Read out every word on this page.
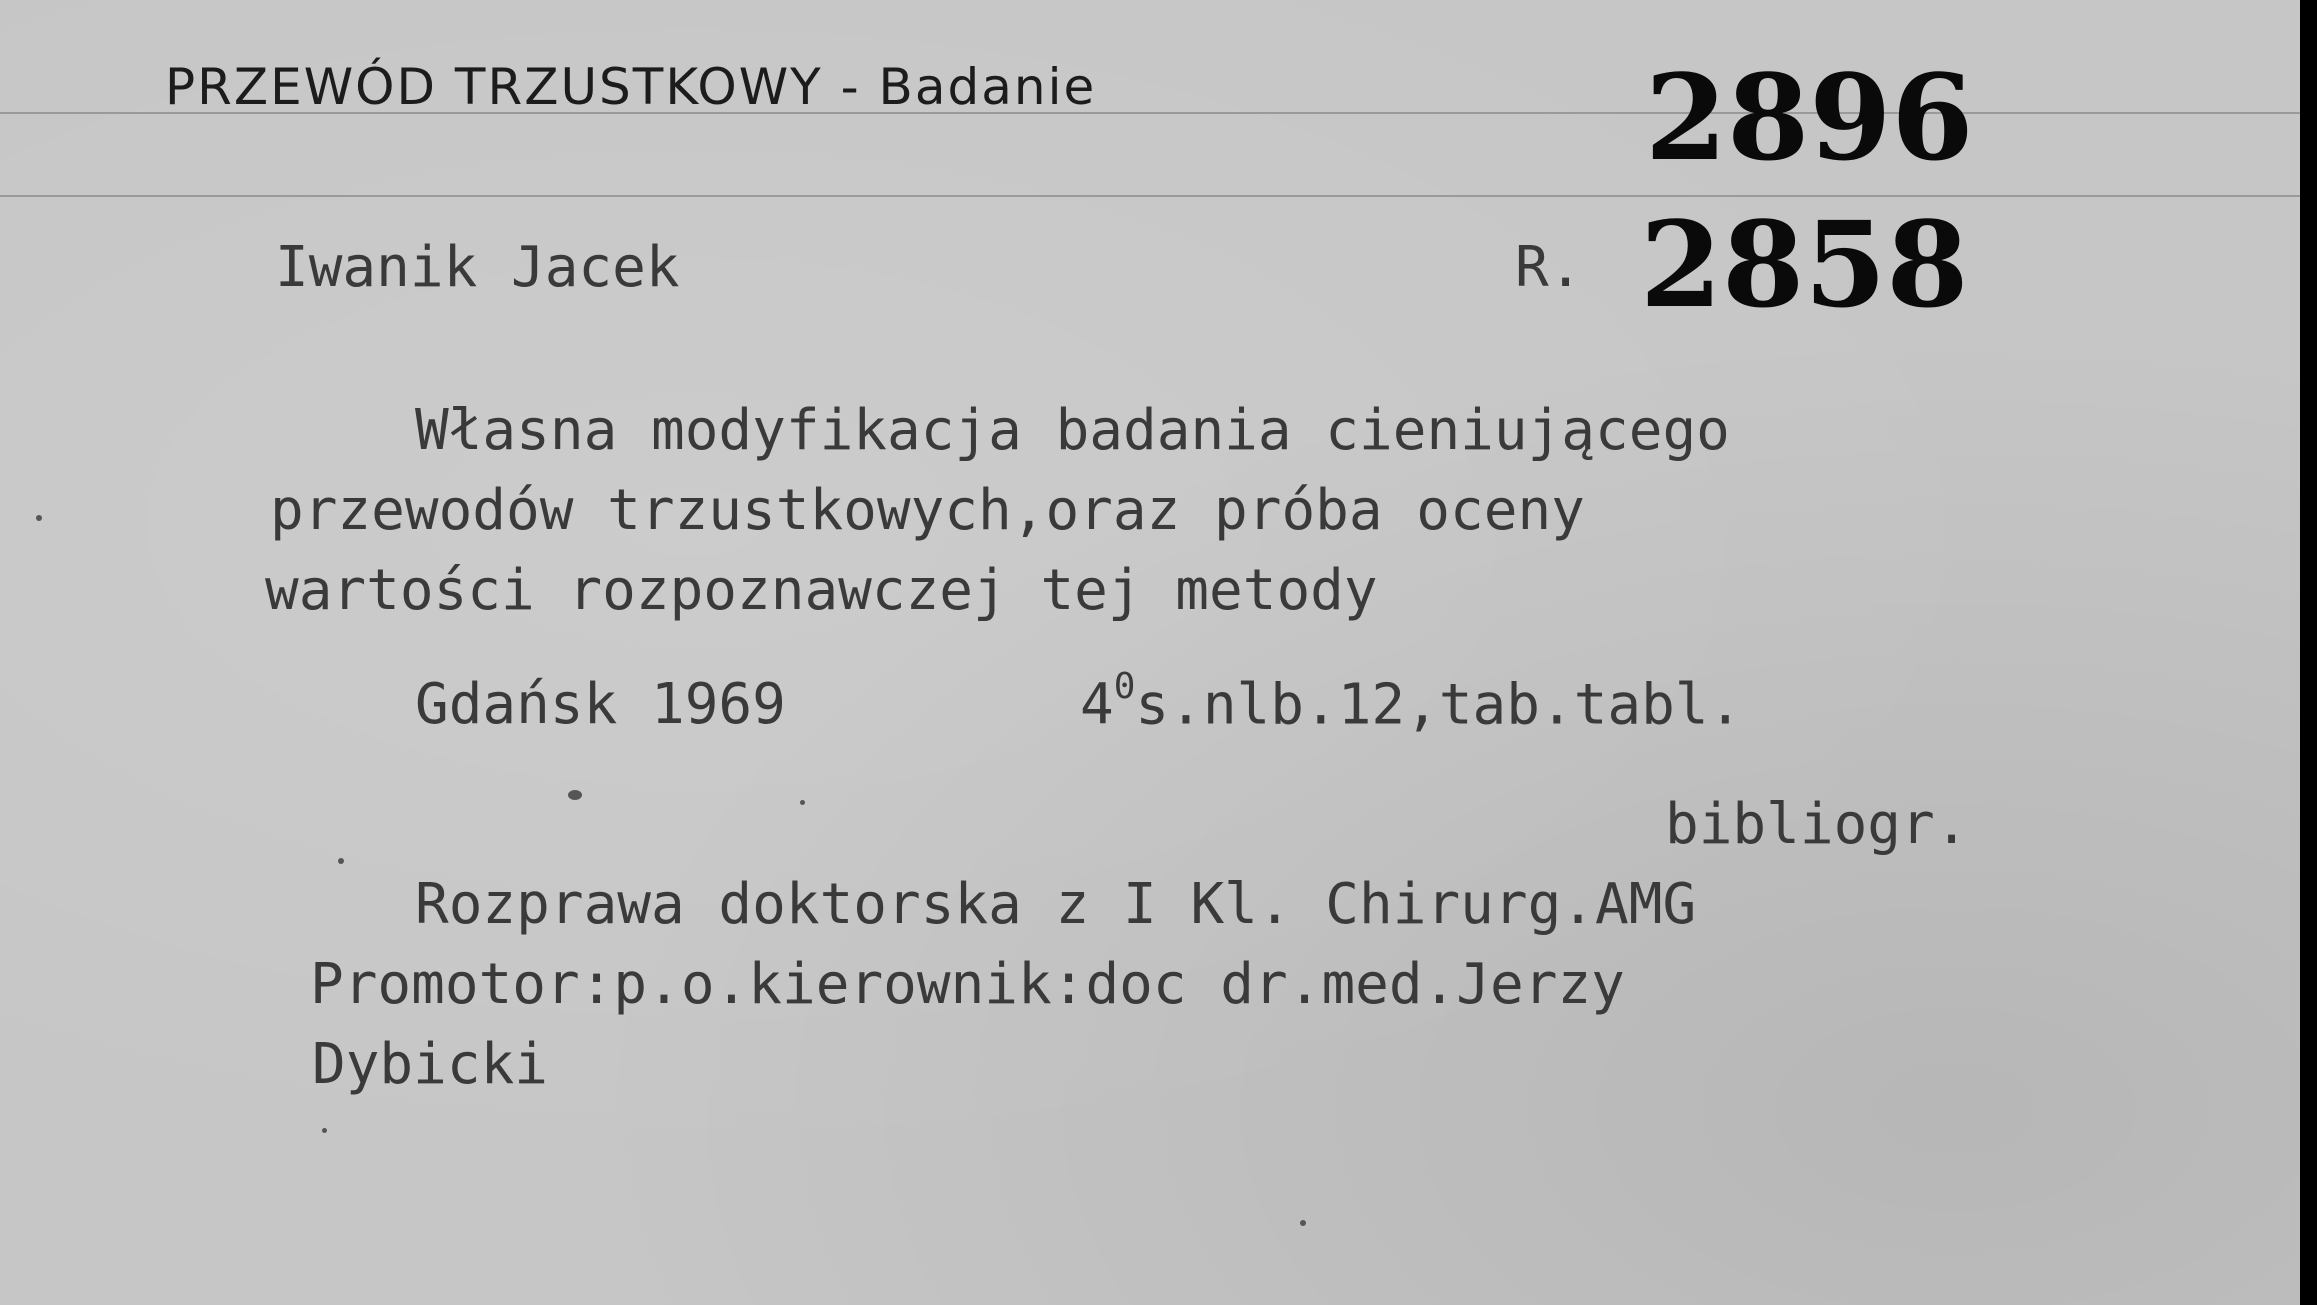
PRZEWÓD TRZUSTKOWY - Badanie	2896
Iwanik Jacek	R. 2858
Własna modyfikacja badania cieniującego
przewodów trzustkowych,oraz próba oceny
wartości rozpoznawczej tej metody
Gdańsk 1969	$4^0s.nlb.12,tab.tabl$.
bibliogr.
Rozprawa doktorska z I Kl. Chirurg.AMG
Promotor:p.o.kierownik:doc dr.med.Jerzy
Dybicki
